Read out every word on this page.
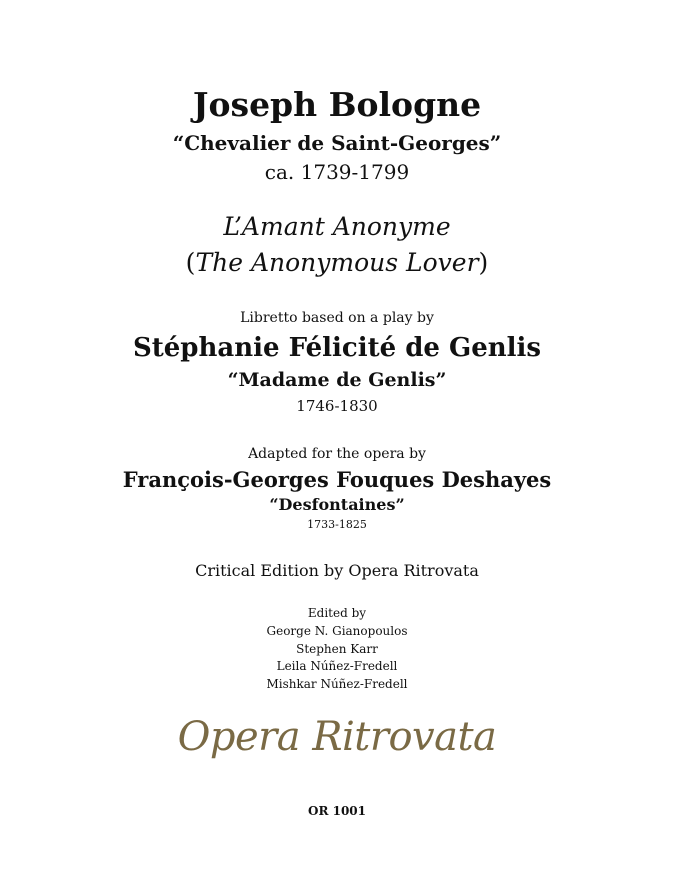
Joseph Bologne
“Chevalier de Saint-Georges”
ca. 1739-1799
L’Amant Anonyme
(The Anonymous Lover)
Libretto based on a play by
Stéphanie Félicité de Genlis
“Madame de Genlis”
1746-1830
Adapted for the opera by
François-Georges Fouques Deshayes
“Desfontaines”
1733-1825
Critical Edition by Opera Ritrovata
Edited by
George N. Gianopoulos
Stephen Karr
Leila Núñez-Fredell
Mishkar Núñez-Fredell
Opera Ritrovata
OR 1001
